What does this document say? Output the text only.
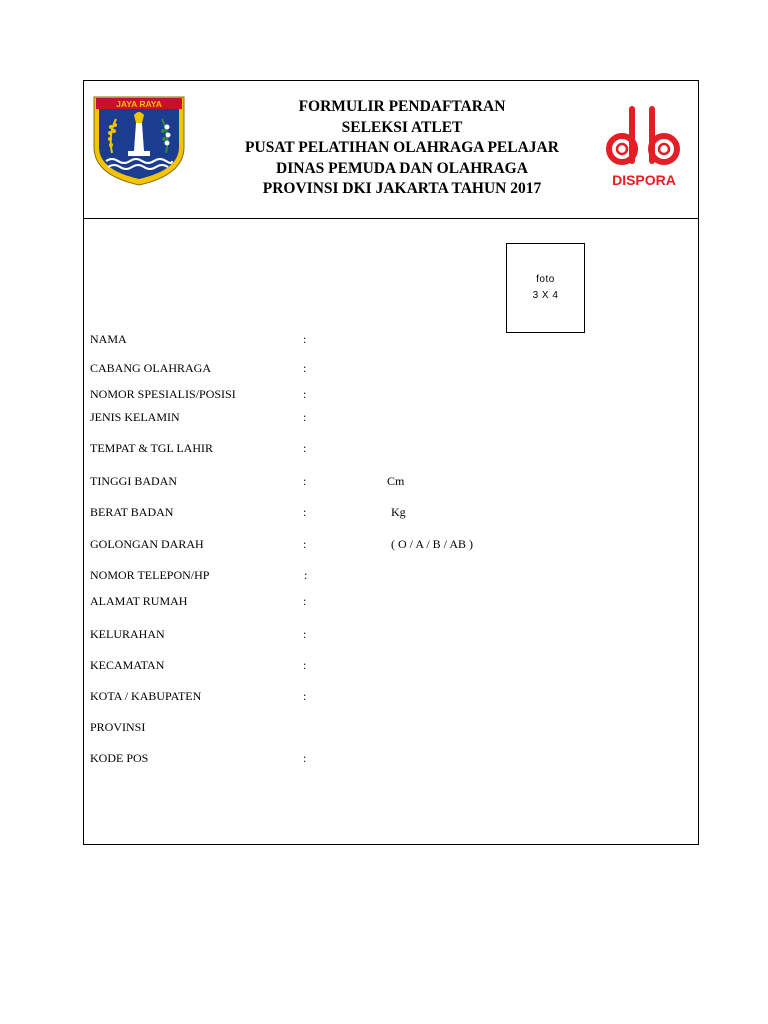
JAYA RAYA	FORMULIR PENDAFTARAN
SELEKSI ATLET
PUSAT PELATIHAN OLAHRAGA PELAJAR
DINAS PEMUDA DAN OLAHRAGA
PROVINSI DKI JAKARTA TAHUN 2017	DISPORA
foto
3 X 4
NAMA	:
CABANG OLAHRAGA	:
NOMOR SPESIALIS/POSISI	:
JENIS KELAMIN	:
TEMPAT & TGL LAHIR	:
TINGGI BADAN	:	Cm
BERAT BADAN	:	Kg
GOLONGAN DARAH	:	( O / A / B / AB )
NOMOR TELEPON/HP	:
ALAMAT RUMAH	:
KELURAHAN	:
KECAMATAN	:
KOTA / KABUPATEN	:
PROVINSI
KODE POS	:
